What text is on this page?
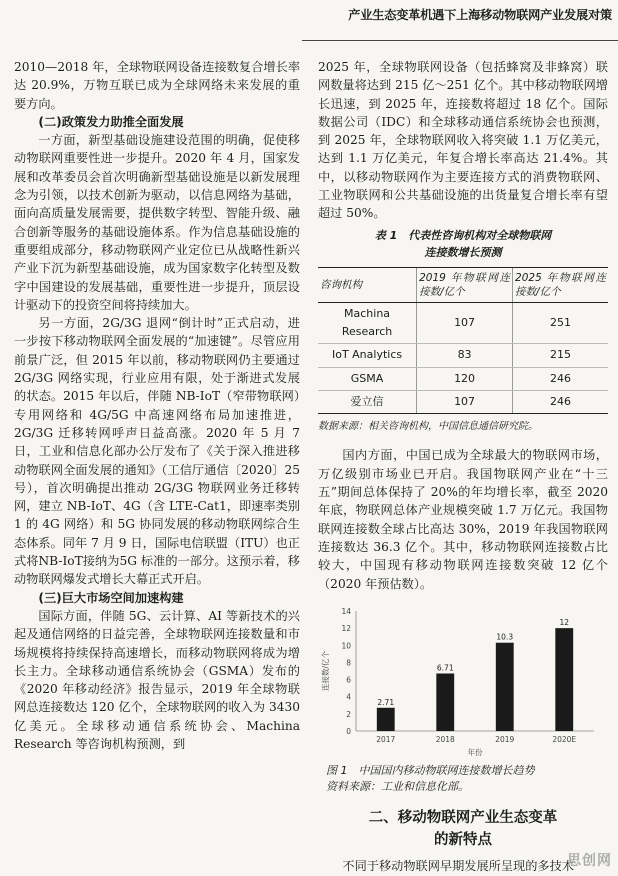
产业生态变革机遇下上海移动物联网产业发展对策

2010—2018 年，全球物联网设备连接数复合增长率达 20.9%，万物互联已成为全球网络未来发展的重要方向。

(二)政策发力助推全面发展

一方面，新型基础设施建设范围的明确，促使移动物联网重要性进一步提升。2020 年 4 月，国家发展和改革委员会首次明确新型基础设施是以新发展理念为引领，以技术创新为驱动，以信息网络为基础，面向高质量发展需要，提供数字转型、智能升级、融合创新等服务的基础设施体系。作为信息基础设施的重要组成部分，移动物联网产业定位已从战略性新兴产业下沉为新型基础设施，成为国家数字化转型及数字中国建设的发展基础，重要性进一步提升，顶层设计驱动下的投资空间将持续加大。

另一方面，2G/3G 退网“倒计时”正式启动，进一步按下移动物联网全面发展的“加速键”。尽管应用前景广泛，但 2015 年以前，移动物联网仍主要通过 2G/3G 网络实现，行业应用有限，处于渐进式发展的状态。2015 年以后，伴随 NB-IoT（窄带物联网）专用网络和 4G/5G 中高速网络布局加速推进，2G/3G 迁移转网呼声日益高涨。2020 年 5 月 7 日，工业和信息化部办公厅发布了《关于深入推进移动物联网全面发展的通知》（工信厅通信〔2020〕25 号），首次明确提出推动 2G/3G 物联网业务迁移转网，建立 NB-IoT、4G（含 LTE-Cat1，即速率类别 1 的 4G 网络）和 5G 协同发展的移动物联网综合生态体系。同年 7 月 9 日，国际电信联盟（ITU）也正式将NB-IoT接纳为5G 标准的一部分。这预示着，移动物联网爆发式增长大幕正式开启。

(三)巨大市场空间加速构建

国际方面，伴随 5G、云计算、AI 等新技术的兴起及通信网络的日益完善，全球物联网连接数量和市场规模将持续保持高速增长，而移动物联网将成为增长主力。全球移动通信系统协会（GSMA）发布的《2020 年移动经济》报告显示，2019 年全球物联网总连接数达 120 亿个，全球物联网的收入为 3430 亿美元。全球移动通信系统协会、Machina Research 等咨询机构预测，到

2025 年，全球物联网设备（包括蜂窝及非蜂窝）联网数量将达到 215 亿～251 亿个。其中移动物联网增长迅速，到 2025 年，连接数将超过 18 亿个。国际数据公司（IDC）和全球移动通信系统协会也预测，到 2025 年，全球物联网收入将突破 1.1 万亿美元，达到 1.1 万亿美元，年复合增长率高达 21.4%。其中，以移动物联网作为主要连接方式的消费物联网、工业物联网和公共基础设施的出货量复合增长率有望超过 50%。

表 1　代表性咨询机构对全球物联网
连接数增长预测
咨询机构	2019 年物联网连接数/亿个	2025 年物联网连接数/亿个
Machina Research	107	251
IoT Analytics	83	215
GSMA	120	246
爱立信	107	246
数据来源：相关咨询机构，中国信息通信研究院。

国内方面，中国已成为全球最大的物联网市场，万亿级别市场业已开启。我国物联网产业在“十三五”期间总体保持了 20%的年均增长率，截至 2020 年底，物联网总体产业规模突破 1.7 万亿元。我国物联网连接数全球占比高达 30%，2019 年我国物联网连接数达 36.3 亿个。其中，移动物联网连接数占比较大，中国现有移动物联网连接数突破 12 亿个（2020 年预估数）。

0
2
4
6
8
10
12
14
连接数/亿个
2.71
2017
6.71
2018
10.3
2019
12
2020E
年份
图 1　中国国内移动物联网连接数增长趋势
资料来源：工业和信息化部。
二、移动物联网产业生态变革
的新特点

不同于移动物联网早期发展所呈现的多技术

思创网
